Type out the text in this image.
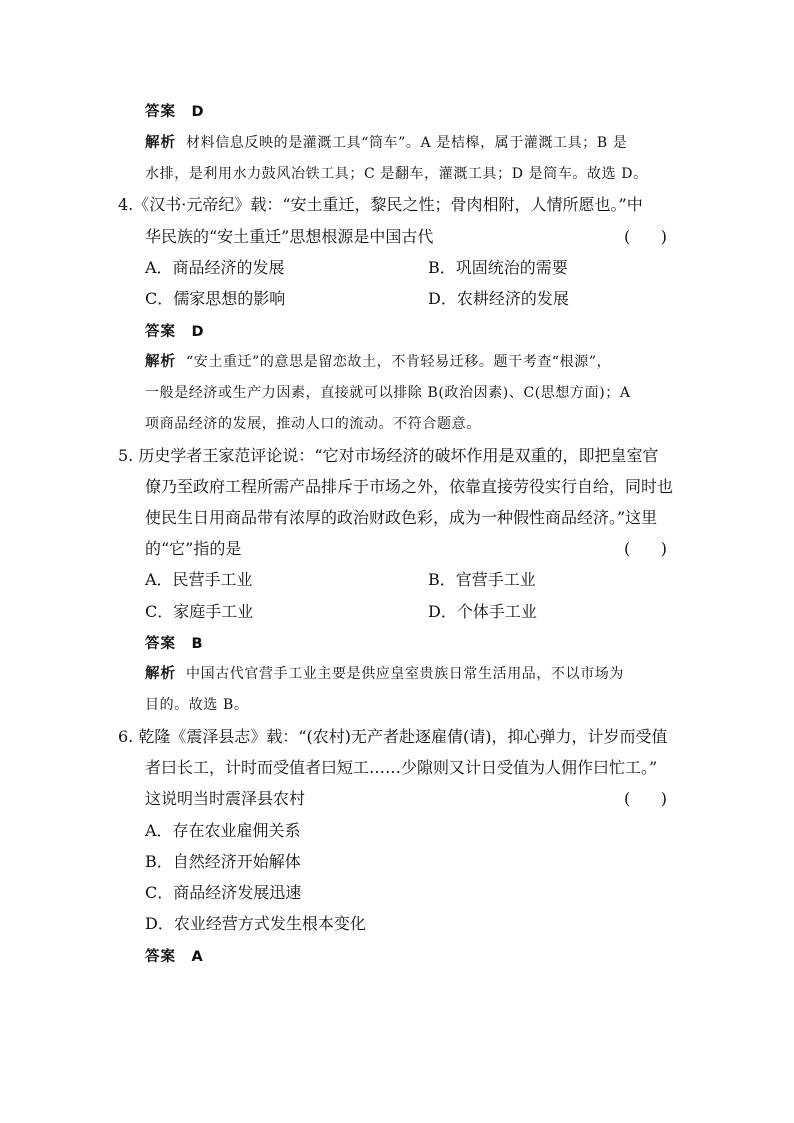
答案　D
解析 材料信息反映的是灌溉工具“筒车”。A 是桔槔，属于灌溉工具；B 是
水排，是利用水力鼓风冶铁工具；C 是翻车，灌溉工具；D 是筒车。故选 D。
4.《汉书·元帝纪》载：“安土重迁，黎民之性；骨肉相附，人情所愿也。”中
华民族的“安土重迁”思想根源是中国古代	(      )
A．商品经济的发展	B．巩固统治的需要
C．儒家思想的影响	D．农耕经济的发展
答案　D
解析 “安土重迁”的意思是留恋故土，不肯轻易迁移。题干考查“根源”，
一般是经济或生产力因素，直接就可以排除 B(政治因素)、C(思想方面)；A
项商品经济的发展，推动人口的流动。不符合题意。
5. 历史学者王家范评论说：“它对市场经济的破坏作用是双重的，即把皇室官
僚乃至政府工程所需产品排斥于市场之外，依靠直接劳役实行自给，同时也
使民生日用商品带有浓厚的政治财政色彩，成为一种假性商品经济。”这里
的“它”指的是	(      )
A．民营手工业	B．官营手工业
C．家庭手工业	D．个体手工业
答案　B
解析 中国古代官营手工业主要是供应皇室贵族日常生活用品，不以市场为
目的。故选 B。
6. 乾隆《震泽县志》载：“(农村)无产者赴逐雇倩(请)，抑心弹力，计岁而受值
者曰长工，计时而受值者曰短工……少隙则又计日受值为人佣作曰忙工。”
这说明当时震泽县农村	(      )
A．存在农业雇佣关系
B．自然经济开始解体
C．商品经济发展迅速
D．农业经营方式发生根本变化
答案　A
